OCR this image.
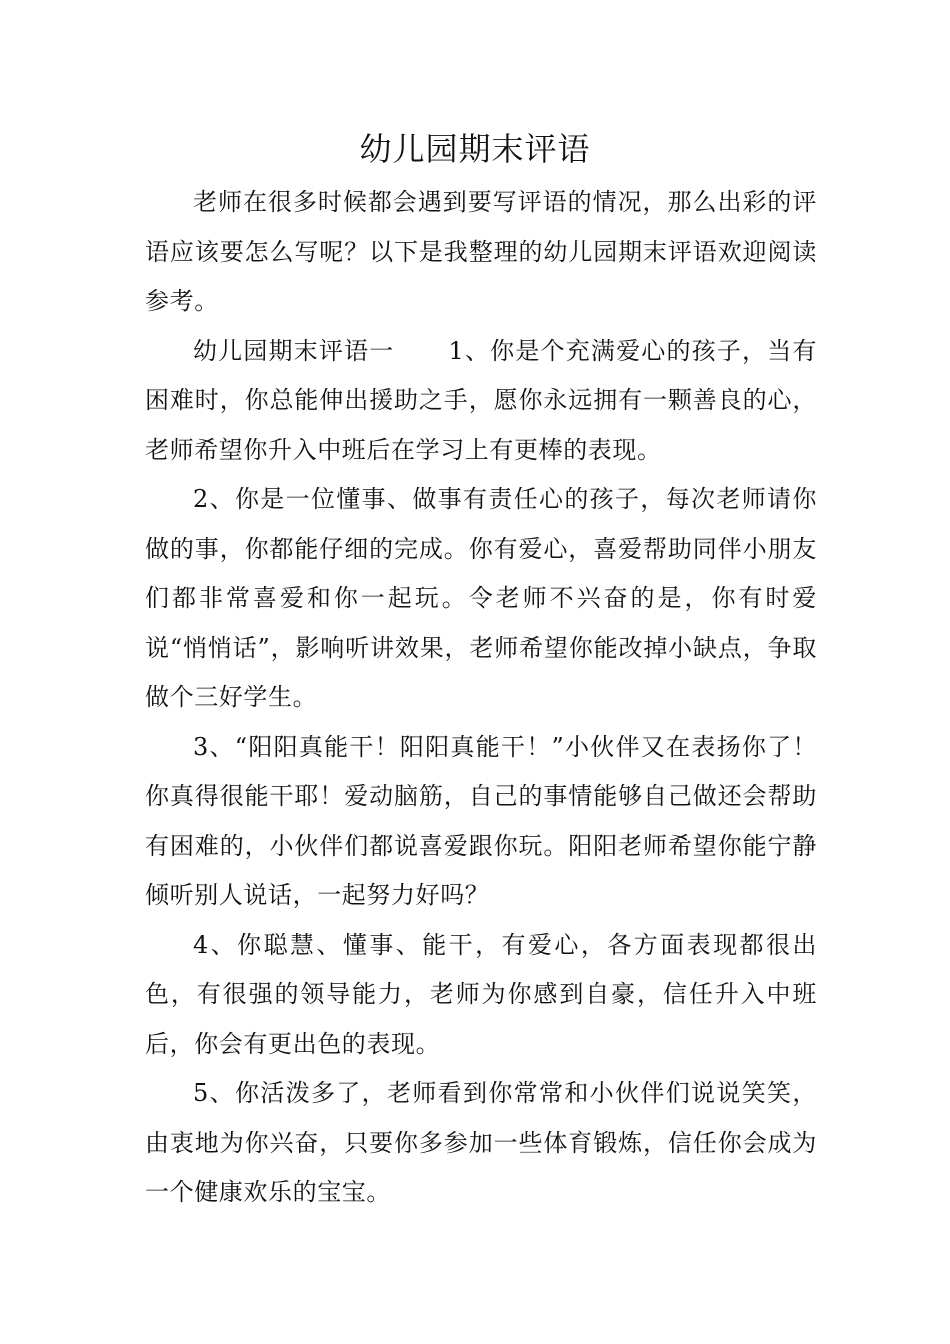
幼儿园期末评语

老师在很多时候都会遇到要写评语的情况，那么出彩的评语应该要怎么写呢？以下是我整理的幼儿园期末评语欢迎阅读参考。

幼儿园期末评语一 1、你是个充满爱心的孩子，当有困难时，你总能伸出援助之手，愿你永远拥有一颗善良的心，老师希望你升入中班后在学习上有更棒的表现。

2、你是一位懂事、做事有责任心的孩子，每次老师请你做的事，你都能仔细的完成。你有爱心，喜爱帮助同伴小朋友们都非常喜爱和你一起玩。令老师不兴奋的是，你有时爱说“悄悄话”，影响听讲效果，老师希望你能改掉小缺点，争取做个三好学生。

3、“阳阳真能干！阳阳真能干！”小伙伴又在表扬你了！你真得很能干耶！爱动脑筋，自己的事情能够自己做还会帮助有困难的，小伙伴们都说喜爱跟你玩。阳阳老师希望你能宁静倾听别人说话，一起努力好吗？

4、你聪慧、懂事、能干，有爱心，各方面表现都很出色，有很强的领导能力，老师为你感到自豪，信任升入中班后，你会有更出色的表现。

5、你活泼多了，老师看到你常常和小伙伴们说说笑笑，由衷地为你兴奋，只要你多参加一些体育锻炼，信任你会成为一个健康欢乐的宝宝。
